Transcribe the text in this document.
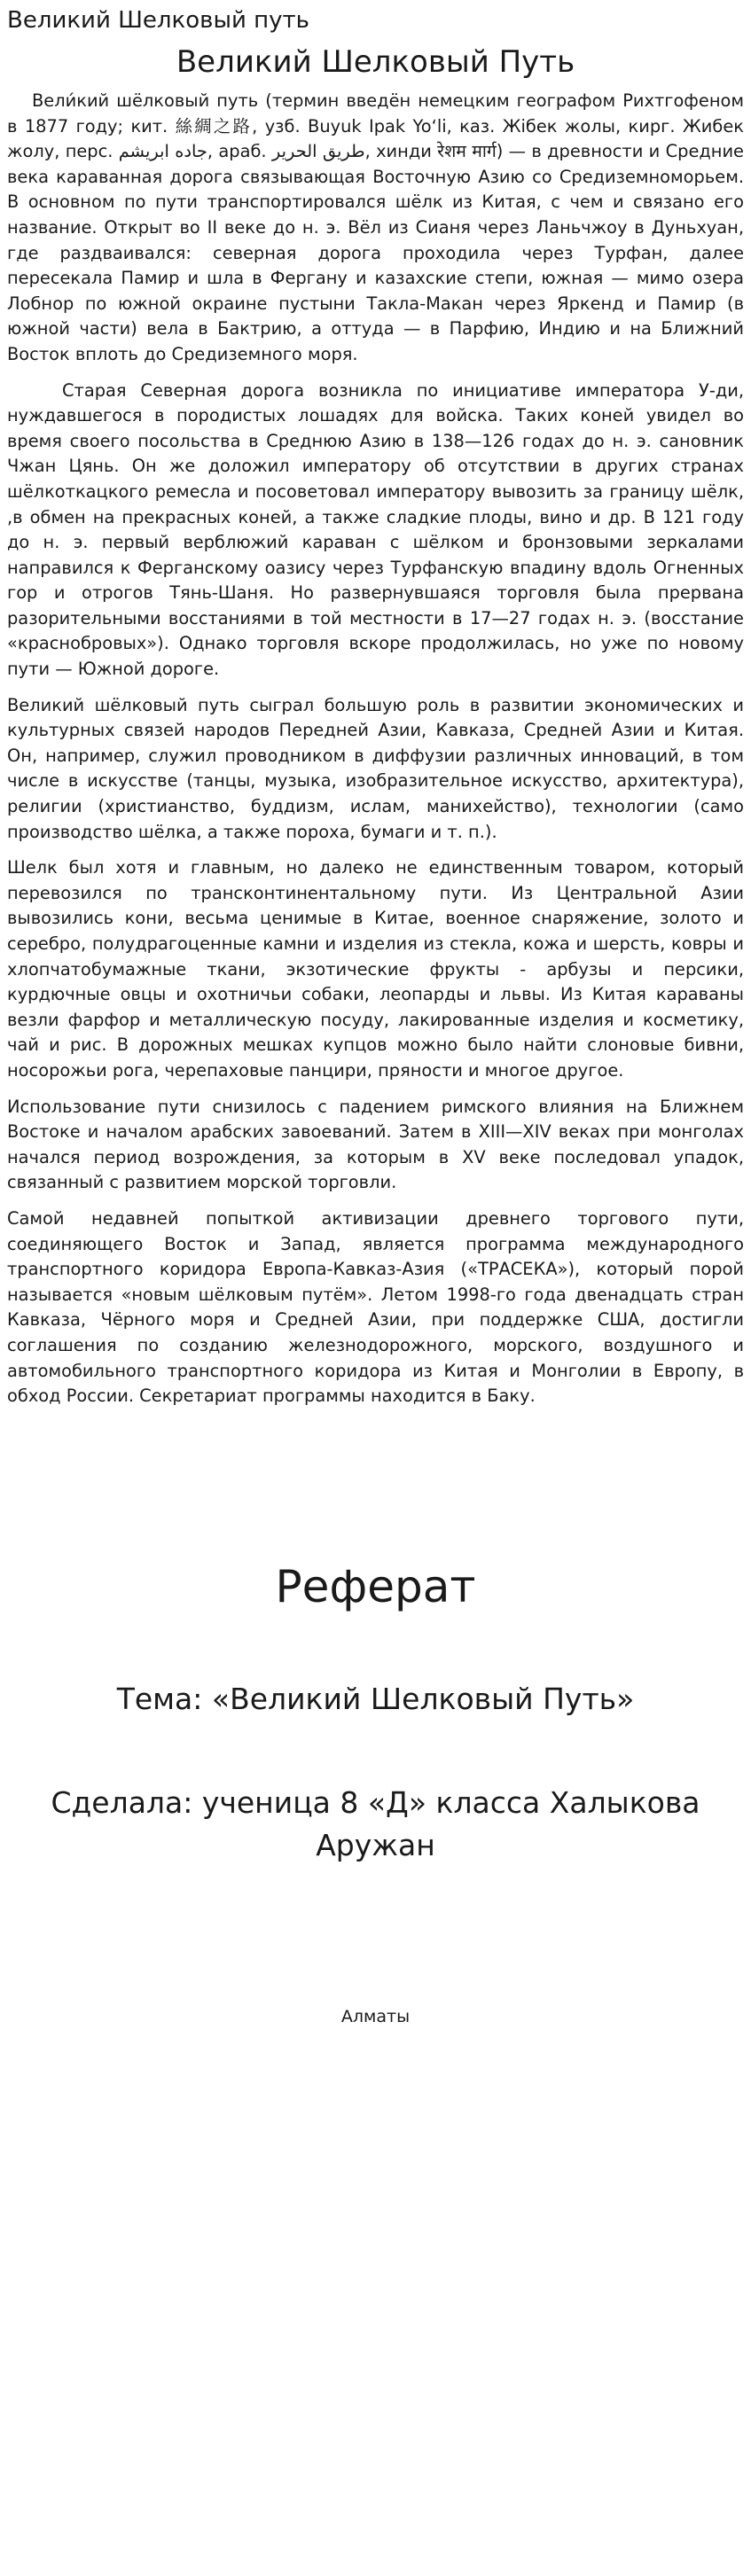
Великий Шелковый путь
Великий Шелковый Путь

Вели́кий шёлковый путь (термин введён немецким географом Рихтгофеном в 1877 году; кит. 絲綢之路, узб. Buyuk Ipak Yoʻli, каз. Жібек жолы, кирг. Жибек жолу, перс. جاده ابریشم, араб. طريق الحرير, хинди रेशम मार्ग) — в древности и Средние века караванная дорога связывающая Восточную Азию со Средиземноморьем. В основном по пути транспортировался шёлк из Китая, с чем и связано его название. Открыт во II веке до н. э. Вёл из Сианя через Ланьчжоу в Дуньхуан, где раздваивался: северная дорога проходила через Турфан, далее пересекала Памир и шла в Фергану и казахские степи, южная — мимо озера Лобнор по южной окраине пустыни Такла-Макан через Яркенд и Памир (в южной части) вела в Бактрию, а оттуда — в Парфию, Индию и на Ближний Восток вплоть до Средиземного моря.

Старая Северная дорога возникла по инициативе императора У-ди, нуждавшегося в породистых лошадях для войска. Таких коней увидел во время своего посольства в Среднюю Азию в 138—126 годах до н. э. сановник Чжан Цянь. Он же доложил императору об отсутствии в других странах шёлкоткацкого ремесла и посоветовал императору вывозить за границу шёлк, ,в обмен на прекрасных коней, а также сладкие плоды, вино и др. В 121 году до н. э. первый верблюжий караван с шёлком и бронзовыми зеркалами направился к Ферганскому оазису через Турфанскую впадину вдоль Огненных гор и отрогов Тянь-Шаня. Но развернувшаяся торговля была прервана разорительными восстаниями в той местности в 17—27 годах н. э. (восстание «краснобровых»). Однако торговля вскоре продолжилась, но уже по новому пути — Южной дороге.

Великий шёлковый путь сыграл большую роль в развитии экономических и культурных связей народов Передней Азии, Кавказа, Средней Азии и Китая. Он, например, служил проводником в диффузии различных инноваций, в том числе в искусстве (танцы, музыка, изобразительное искусство, архитектура), религии (христианство, буддизм, ислам, манихейство), технологии (само производство шёлка, а также пороха, бумаги и т. п.).

Шелк был хотя и главным, но далеко не единственным товаром, который перевозился по трансконтинентальному пути. Из Центральной Азии вывозились кони, весьма ценимые в Китае, военное снаряжение, золото и серебро, полудрагоценные камни и изделия из стекла, кожа и шерсть, ковры и хлопчатобумажные ткани, экзотические фрукты - арбузы и персики, курдючные овцы и охотничьи собаки, леопарды и львы. Из Китая караваны везли фарфор и металлическую посуду, лакированные изделия и косметику, чай и рис. В дорожных мешках купцов можно было найти слоновые бивни, носорожьи рога, черепаховые панцири, пряности и многое другое.

Использование пути снизилось с падением римского влияния на Ближнем Востоке и началом арабских завоеваний. Затем в XIII—XIV веках при монголах начался период возрождения, за которым в XV веке последовал упадок, связанный с развитием морской торговли.

Самой недавней попыткой активизации древнего торгового пути, соединяющего Восток и Запад, является программа международного транспортного коридора Европа-Кавказ-Азия («ТРАСЕКА»), который порой называется «новым шёлковым путём». Летом 1998-го года двенадцать стран Кавказа, Чёрного моря и Средней Азии, при поддержке США, достигли соглашения по созданию железнодорожного, морского, воздушного и автомобильного транспортного коридора из Китая и Монголии в Европу, в обход России. Секретариат программы находится в Баку.

Реферат
Тема: «Великий Шелковый Путь»
Сделала: ученица 8 «Д» класса Халыкова Аружан
Алматы
